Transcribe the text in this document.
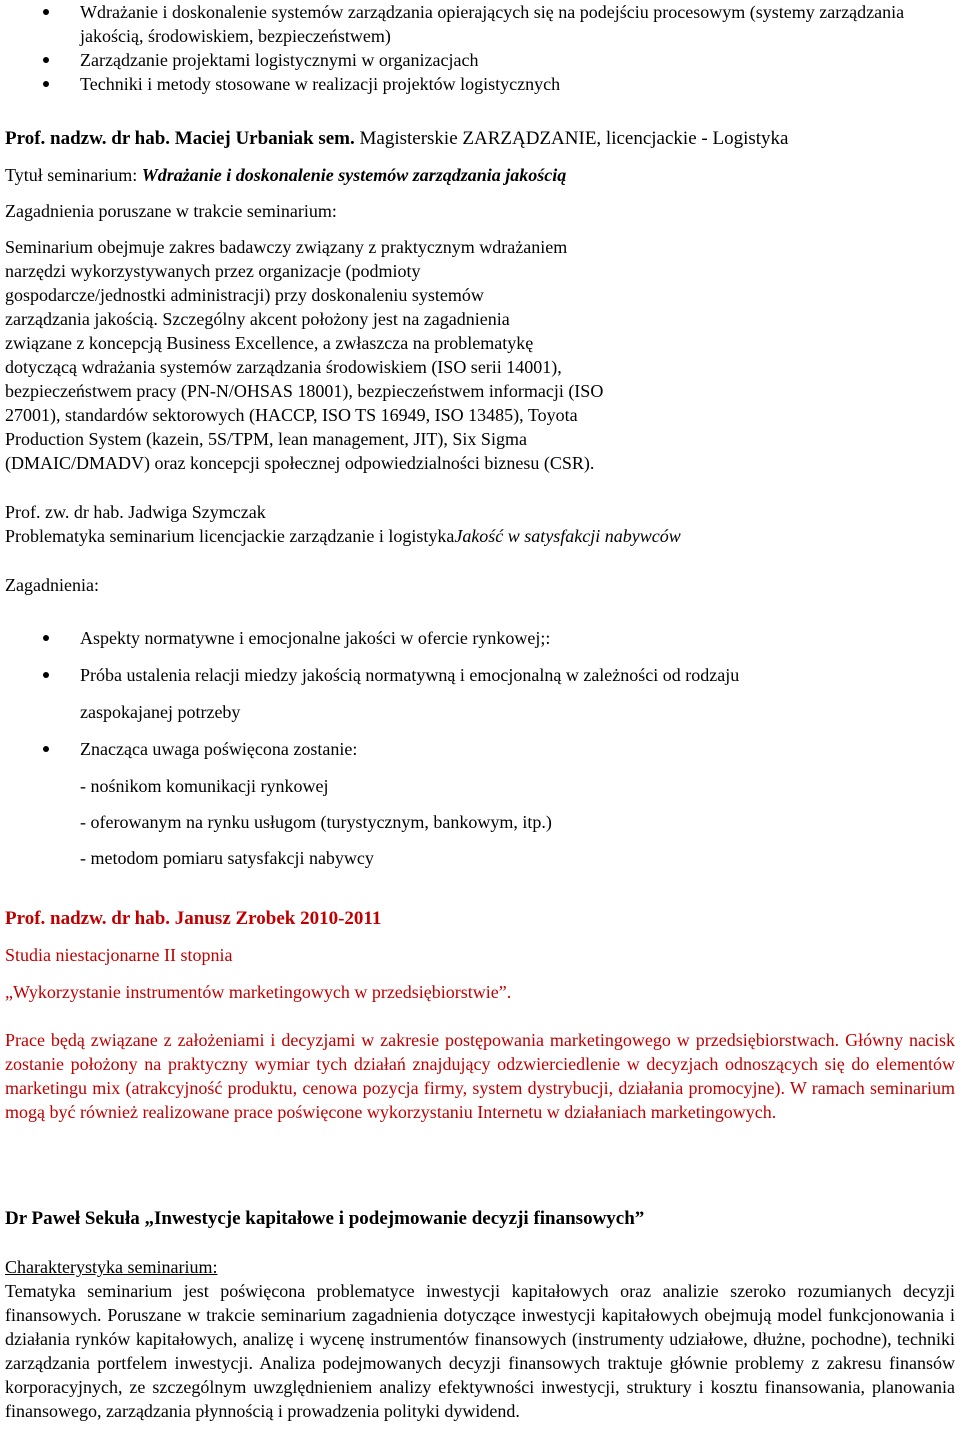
Wdrażanie i doskonalenie systemów zarządzania opierających się na podejściu procesowym (systemy zarządzania jakością, środowiskiem, bezpieczeństwem)
Zarządzanie projektami logistycznymi w organizacjach
Techniki i metody stosowane w realizacji projektów logistycznych

Prof. nadzw. dr hab. Maciej Urbaniak sem. Magisterskie ZARZĄDZANIE, licencjackie - Logistyka

Tytuł seminarium: Wdrażanie i doskonalenie systemów zarządzania jakością

Zagadnienia poruszane w trakcie seminarium:

Seminarium obejmuje zakres badawczy związany z praktycznym wdrażaniem

narzędzi wykorzystywanych przez organizacje (podmioty

gospodarcze/jednostki administracji) przy doskonaleniu systemów

zarządzania jakością. Szczególny akcent położony jest na zagadnienia

związane z koncepcją Business Excellence, a zwłaszcza na problematykę

dotyczącą wdrażania systemów zarządzania środowiskiem (ISO serii 14001),

bezpieczeństwem pracy (PN-N/OHSAS 18001), bezpieczeństwem informacji (ISO

27001), standardów sektorowych (HACCP, ISO TS 16949, ISO 13485), Toyota

Production System (kazein, 5S/TPM, lean management, JIT), Six Sigma

(DMAIC/DMADV) oraz koncepcji społecznej odpowiedzialności biznesu (CSR).

Prof. zw. dr hab. Jadwiga Szymczak

Problematyka seminarium licencjackie zarządzanie i logistykaJakość w satysfakcji nabywców

Zagadnienia:

Aspekty normatywne i emocjonalne jakości w ofercie rynkowej;:
Próba ustalenia relacji miedzy jakością normatywną i emocjonalną w zależności od rodzaju
zaspokajanej potrzeby
Znacząca uwaga poświęcona zostanie:

- nośnikom komunikacji rynkowej

- oferowanym na rynku usługom (turystycznym, bankowym, itp.)

- metodom pomiaru satysfakcji nabywcy

Prof. nadzw. dr hab. Janusz Zrobek 2010-2011

Studia niestacjonarne II stopnia

„Wykorzystanie instrumentów marketingowych w przedsiębiorstwie”.

Prace będą związane z założeniami i decyzjami w zakresie postępowania marketingowego w przedsiębiorstwach. Główny nacisk zostanie położony na praktyczny wymiar tych działań znajdujący odzwierciedlenie w decyzjach odnoszących się do elementów marketingu mix (atrakcyjność produktu, cenowa pozycja firmy, system dystrybucji, działania promocyjne). W ramach seminarium mogą być również realizowane prace poświęcone wykorzystaniu Internetu w działaniach marketingowych.

Dr Paweł Sekuła „Inwestycje kapitałowe i podejmowanie decyzji finansowych”

Charakterystyka seminarium:

Tematyka seminarium jest poświęcona problematyce inwestycji kapitałowych oraz analizie szeroko rozumianych decyzji finansowych. Poruszane w trakcie seminarium zagadnienia dotyczące inwestycji kapitałowych obejmują model funkcjonowania i działania rynków kapitałowych, analizę i wycenę instrumentów finansowych (instrumenty udziałowe, dłużne, pochodne), techniki zarządzania portfelem inwestycji. Analiza podejmowanych decyzji finansowych traktuje głównie problemy z zakresu finansów korporacyjnych, ze szczególnym uwzględnieniem analizy efektywności inwestycji, struktury i kosztu finansowania, planowania finansowego, zarządzania płynnością i prowadzenia polityki dywidend.
